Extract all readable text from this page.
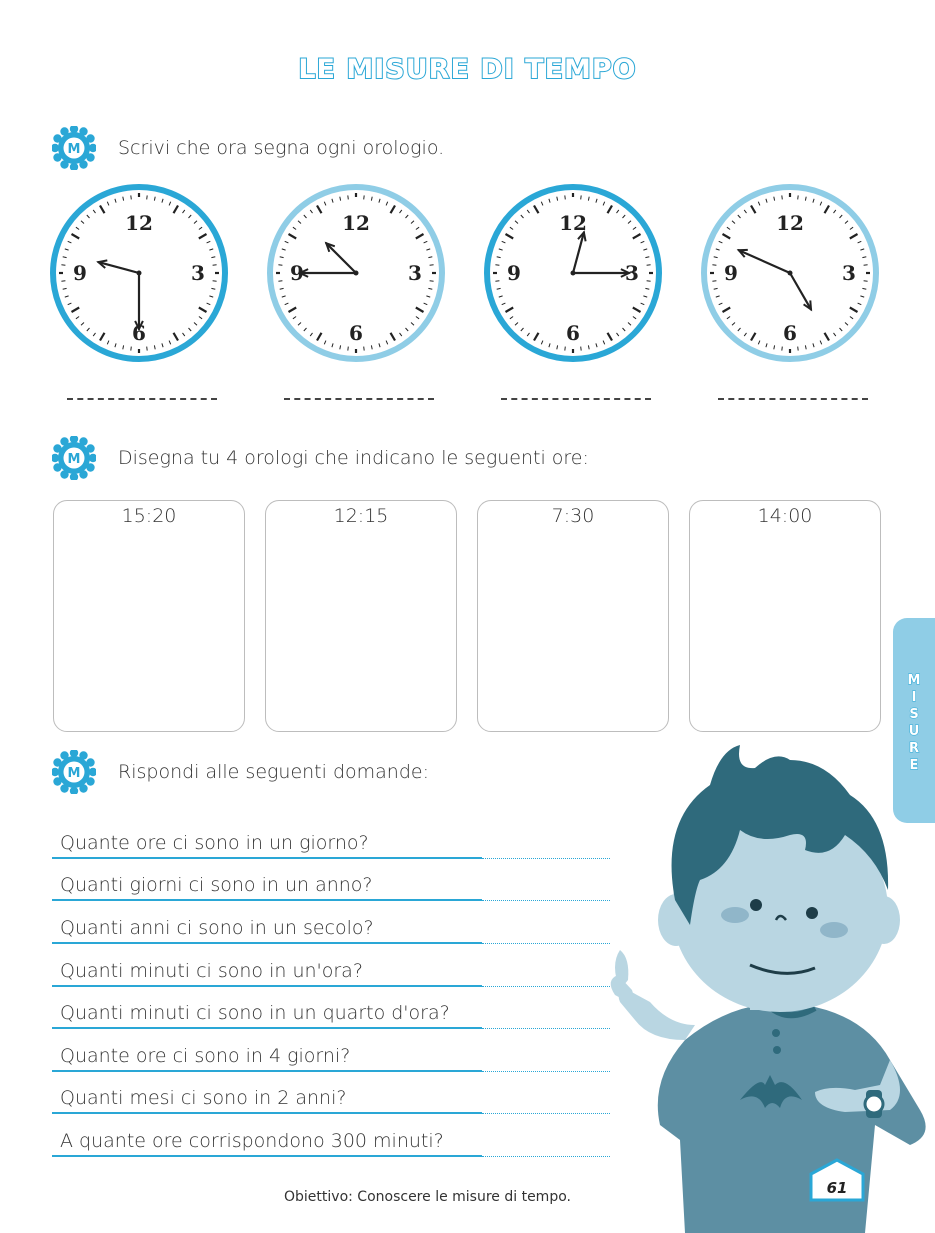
LE MISURE DI TEMPO
M Scrivi che ora segna ogni orologio.
12
3
6
9
12
3
6
9
12
3
6
9
12
3
6
9
M Disegna tu 4 orologi che indicano le seguenti ore:
15:20	12:15	7:30	14:00
M Rispondi alle seguenti domande:
Quante ore ci sono in un giorno?
Quanti giorni ci sono in un anno?
Quanti anni ci sono in un secolo?
Quanti minuti ci sono in un'ora?
Quanti minuti ci sono in un quarto d'ora?
Quante ore ci sono in 4 giorni?
Quanti mesi ci sono in 2 anni?
A quante ore corrispondono 300 minuti?
M
I
S
U
R
E
61
Obiettivo: Conoscere le misure di tempo.
